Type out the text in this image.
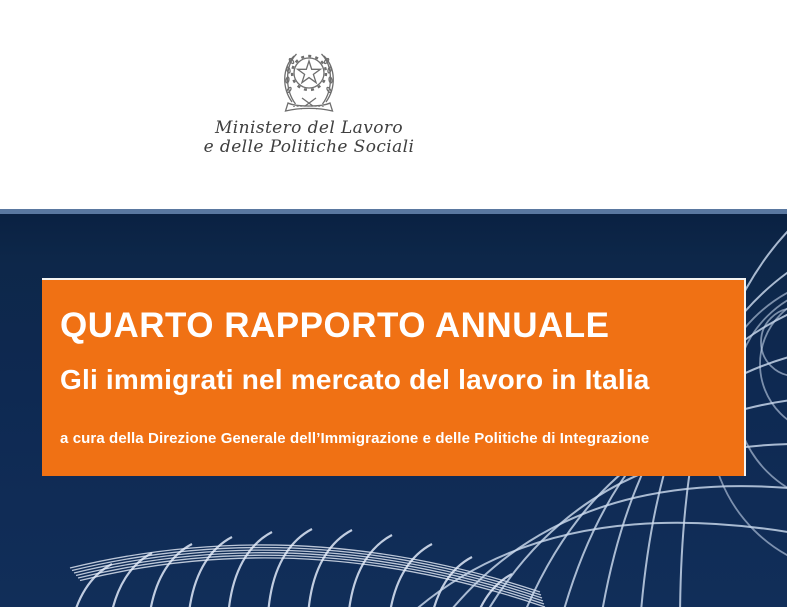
Ministero del Lavoro
e delle Politiche Sociali
QUARTO RAPPORTO ANNUALE
Gli immigrati nel mercato del lavoro in Italia
a cura della Direzione Generale dell’Immigrazione e delle Politiche di Integrazione
